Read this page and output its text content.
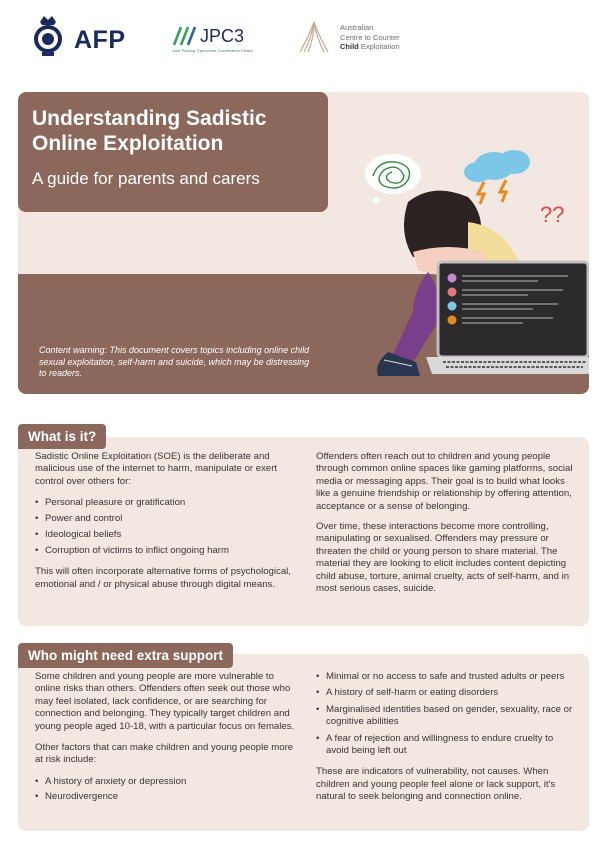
AFP	JPC3
Joint Policing Cybercrime Coordination Centre
Australian
Centre to Counter
Child Exploitation
??
Understanding Sadistic
Online Exploitation
A guide for parents and carers
Content warning: This document covers topics including online child sexual exploitation, self-harm and suicide, which may be distressing to readers.

Sadistic Online Exploitation (SOE) is the deliberate and malicious use of the internet to harm, manipulate or exert control over others for:

• Personal pleasure or gratification
• Power and control
• Ideological beliefs
• Corruption of victims to inflict ongoing harm

This will often incorporate alternative forms of psychological, emotional and / or physical abuse through digital means.

Offenders often reach out to children and young people through common online spaces like gaming platforms, social media or messaging apps. Their goal is to build what looks like a genuine friendship or relationship by offering attention, acceptance or a sense of belonging.

Over time, these interactions become more controlling, manipulating or sexualised. Offenders may pressure or threaten the child or young person to share material. The material they are looking to elicit includes content depicting child abuse, torture, animal cruelty, acts of self-harm, and in most serious cases, suicide.

What is it?

Some children and young people are more vulnerable to online risks than others. Offenders often seek out those who may feel isolated, lack confidence, or are searching for connection and belonging. They typically target children and young people aged 10-18, with a particular focus on females.

Other factors that can make children and young people more at risk include:

• A history of anxiety or depression
• Neurodivergence
• Minimal or no access to safe and trusted adults or peers
• A history of self-harm or eating disorders
• Marginalised identities based on gender, sexuality, race or cognitive abilities
• A fear of rejection and willingness to endure cruelty to avoid being left out

These are indicators of vulnerability, not causes. When children and young people feel alone or lack support, it's natural to seek belonging and connection online.

Who might need extra support
